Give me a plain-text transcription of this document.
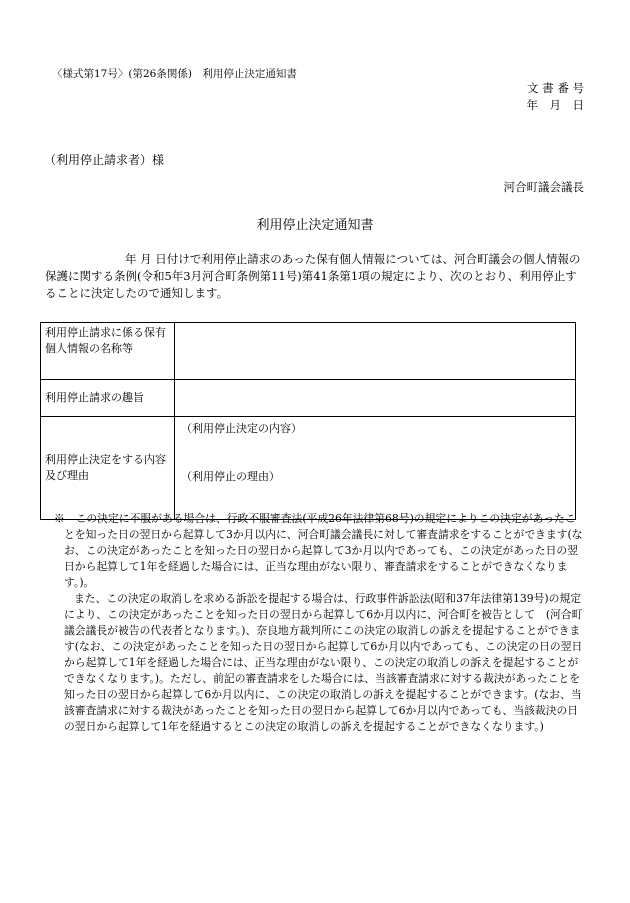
〈様式第17号〉(第26条関係)　利用停止決定通知書
文 書 番 号
年　月　日
（利用停止請求者）様
河合町議会議長
利用停止決定通知書

年 月 日付けで利用停止請求のあった保有個人情報については、河合町議会の個人情報の保護に関する条例(令和5年3月河合町条例第11号)第41条第1項の規定により、次のとおり、利用停止することに決定したので通知します。

利用停止請求に係る保有個人情報の名称等	
利用停止請求の趣旨	
利用停止決定をする内容及び理由	（利用停止決定の内容）
（利用停止の理由）

※　この決定に不服がある場合は、行政不服審査法(平成26年法律第68号)の規定によりこの決定があったことを知った日の翌日から起算して3か月以内に、河合町議会議長に対して審査請求をすることができます(なお、この決定があったことを知った日の翌日から起算して3か月以内であっても、この決定があった日の翌日から起算して1年を経過した場合には、正当な理由がない限り、審査請求をすることができなくなります。)。

また、この決定の取消しを求める訴訟を提起する場合は、行政事件訴訟法(昭和37年法律第139号)の規定により、この決定があったことを知った日の翌日から起算して6か月以内に、河合町を被告として　(河合町議会議長が被告の代表者となります。)、奈良地方裁判所にこの決定の取消しの訴えを提起することができます(なお、この決定があったことを知った日の翌日から起算して6か月以内であっても、この決定の日の翌日から起算して1年を経過した場合には、正当な理由がない限り、この決定の取消しの訴えを提起することができなくなります。)。ただし、前記の審査請求をした場合には、当該審査請求に対する裁決があったことを知った日の翌日から起算して6か月以内に、この決定の取消しの訴えを提起することができます。(なお、当該審査請求に対する裁決があったことを知った日の翌日から起算して6か月以内であっても、当該裁決の日の翌日から起算して1年を経過するとこの決定の取消しの訴えを提起することができなくなります。)
